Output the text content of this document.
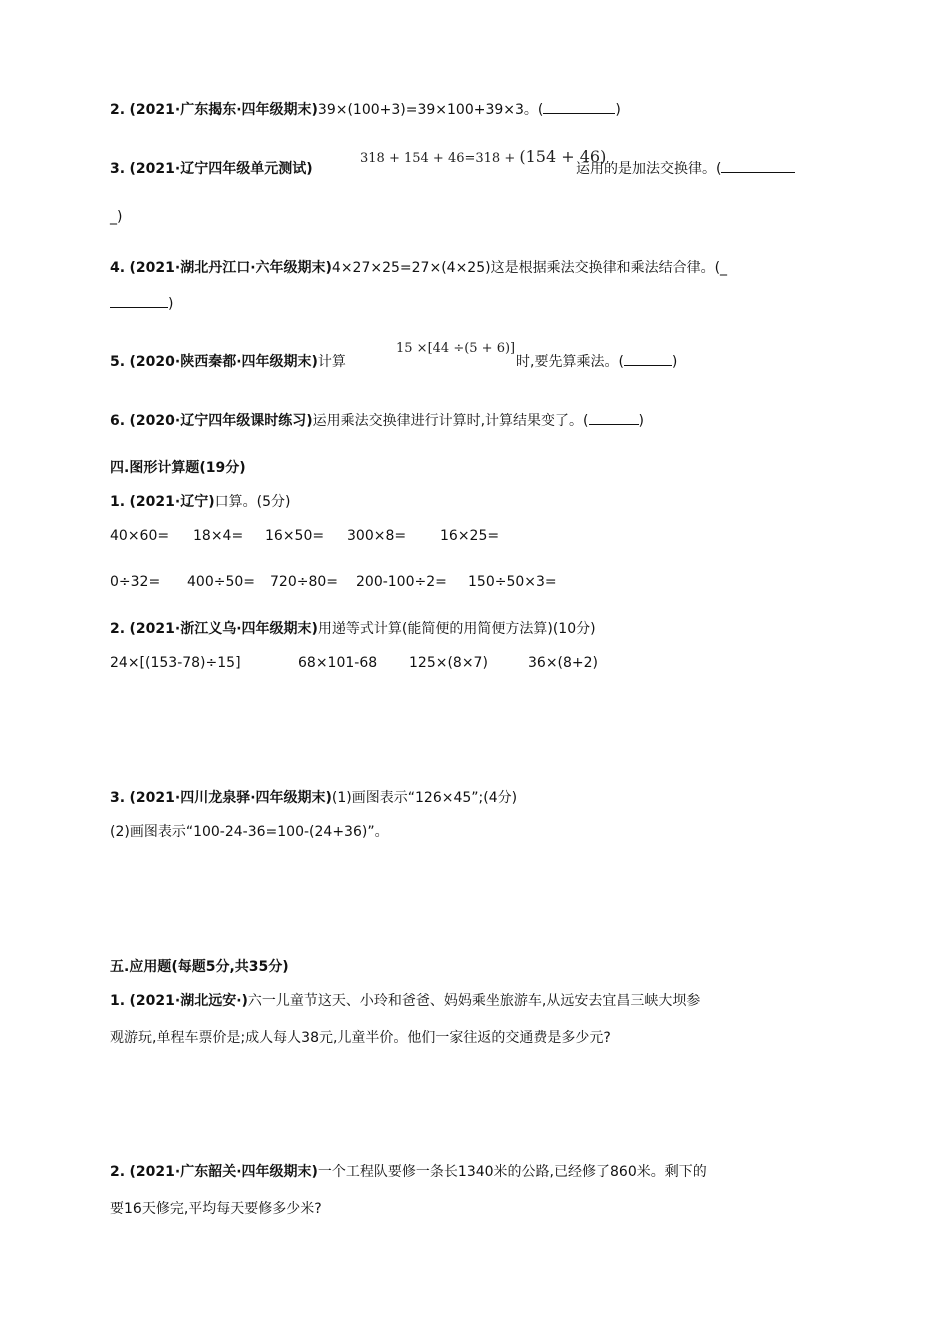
2. (2021·广东揭东·四年级期末)39×(100+3)=39×100+39×3。(	)
3. (2021·辽宁四年级单元测试)
318 + 154 + 46=318 + (154 + 46)
运用的是加法交换律。(
_)
4. (2021·湖北丹江口·六年级期末)4×27×25=27×(4×25)这是根据乘法交换律和乘法结合律。(_
)
5. (2020·陕西秦都·四年级期末)计算
15 ×[44 ÷(5 + 6)]
时,要先算乘法。(	)
6. (2020·辽宁四年级课时练习)运用乘法交换律进行计算时,计算结果变了。(	)
四.图形计算题(19分)
1. (2021·辽宁)口算。(5分)
40×60= 18×4= 16×50= 300×8= 16×25=
0÷32= 400÷50= 720÷80= 200-100÷2= 150÷50×3=
2. (2021·浙江义乌·四年级期末)用递等式计算(能简便的用简便方法算)(10分)
24×[(153-78)÷15]	68×101-68 125×(8×7)	36×(8+2)
3. (2021·四川龙泉驿·四年级期末)(1)画图表示“126×45”;(4分)
(2)画图表示“100-24-36=100-(24+36)”。
五.应用题(每题5分,共35分)
1. (2021·湖北远安·)六一儿童节这天、小玲和爸爸、妈妈乘坐旅游车,从远安去宜昌三峡大坝参
观游玩,单程车票价是;成人每人38元,儿童半价。他们一家往返的交通费是多少元?
2. (2021·广东韶关·四年级期末)一个工程队要修一条长1340米的公路,已经修了860米。剩下的
要16天修完,平均每天要修多少米?
